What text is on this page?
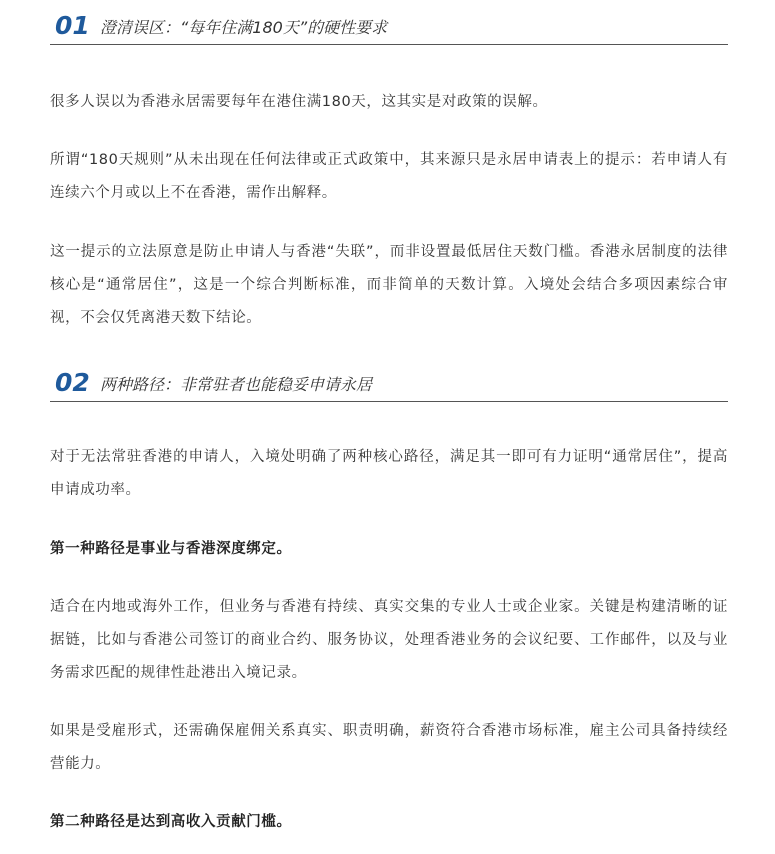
01 澄清误区：“每年住满180天”的硬性要求

很多人误以为香港永居需要每年在港住满180天，这其实是对政策的误解。

所谓“180天规则”从未出现在任何法律或正式政策中，其来源只是永居申请表上的提示：若申请人有连续六个月或以上不在香港，需作出解释。

这一提示的立法原意是防止申请人与香港“失联”，而非设置最低居住天数门槛。香港永居制度的法律核心是“通常居住”，这是一个综合判断标准，而非简单的天数计算。入境处会结合多项因素综合审视，不会仅凭离港天数下结论。

02 两种路径：非常驻者也能稳妥申请永居

对于无法常驻香港的申请人，入境处明确了两种核心路径，满足其一即可有力证明“通常居住”，提高申请成功率。

第一种路径是事业与香港深度绑定。

适合在内地或海外工作，但业务与香港有持续、真实交集的专业人士或企业家。关键是构建清晰的证据链，比如与香港公司签订的商业合约、服务协议，处理香港业务的会议纪要、工作邮件，以及与业务需求匹配的规律性赴港出入境记录。

如果是受雇形式，还需确保雇佣关系真实、职责明确，薪资符合香港市场标准，雇主公司具备持续经营能力。

第二种路径是达到高收入贡献门槛。
